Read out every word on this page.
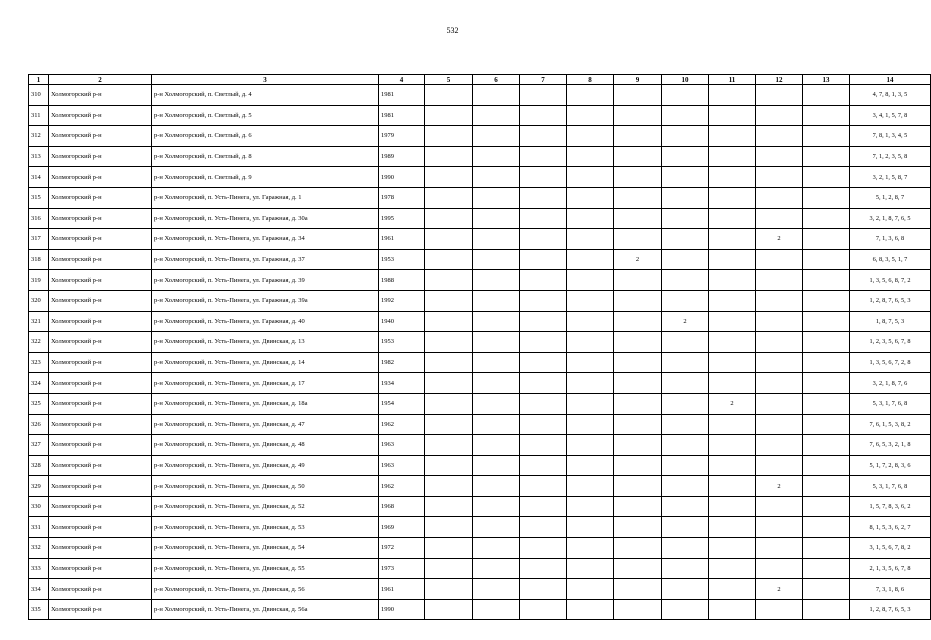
532
1	2	3	4	5	6	7	8	9	10	11	12	13	14
310	Холмогорский р-н	р-н Холмогорский, п. Светлый, д. 4	1981										4, 7, 8, 1, 3, 5
311	Холмогорский р-н	р-н Холмогорский, п. Светлый, д. 5	1981										3, 4, 1, 5, 7, 8
312	Холмогорский р-н	р-н Холмогорский, п. Светлый, д. 6	1979										7, 8, 1, 3, 4, 5
313	Холмогорский р-н	р-н Холмогорский, п. Светлый, д. 8	1989										7, 1, 2, 3, 5, 8
314	Холмогорский р-н	р-н Холмогорский, п. Светлый, д. 9	1990										3, 2, 1, 5, 8, 7
315	Холмогорский р-н	р-н Холмогорский, п. Усть-Пинега, ул. Гаражная, д. 1	1978										5, 1, 2, 8, 7
316	Холмогорский р-н	р-н Холмогорский, п. Усть-Пинега, ул. Гаражная, д. 30а	1995										3, 2, 1, 8, 7, 6, 5
317	Холмогорский р-н	р-н Холмогорский, п. Усть-Пинега, ул. Гаражная, д. 34	1961								2		7, 1, 3, 6, 8
318	Холмогорский р-н	р-н Холмогорский, п. Усть-Пинега, ул. Гаражная, д. 37	1953					2					6, 8, 3, 5, 1, 7
319	Холмогорский р-н	р-н Холмогорский, п. Усть-Пинега, ул. Гаражная, д. 39	1988										1, 3, 5, 6, 8, 7, 2
320	Холмогорский р-н	р-н Холмогорский, п. Усть-Пинега, ул. Гаражная, д. 39а	1992										1, 2, 8, 7, 6, 5, 3
321	Холмогорский р-н	р-н Холмогорский, п. Усть-Пинега, ул. Гаражная, д. 40	1940						2				1, 8, 7, 5, 3
322	Холмогорский р-н	р-н Холмогорский, п. Усть-Пинега, ул. Двинская, д. 13	1953										1, 2, 3, 5, 6, 7, 8
323	Холмогорский р-н	р-н Холмогорский, п. Усть-Пинега, ул. Двинская, д. 14	1982										1, 3, 5, 6, 7, 2, 8
324	Холмогорский р-н	р-н Холмогорский, п. Усть-Пинега, ул. Двинская, д. 17	1934										3, 2, 1, 8, 7, 6
325	Холмогорский р-н	р-н Холмогорский, п. Усть-Пинега, ул. Двинская, д. 18а	1954							2			5, 3, 1, 7, 6, 8
326	Холмогорский р-н	р-н Холмогорский, п. Усть-Пинега, ул. Двинская, д. 47	1962										7, 6, 1, 5, 3, 8, 2
327	Холмогорский р-н	р-н Холмогорский, п. Усть-Пинега, ул. Двинская, д. 48	1963										7, 6, 5, 3, 2, 1, 8
328	Холмогорский р-н	р-н Холмогорский, п. Усть-Пинега, ул. Двинская, д. 49	1963										5, 1, 7, 2, 8, 3, 6
329	Холмогорский р-н	р-н Холмогорский, п. Усть-Пинега, ул. Двинская, д. 50	1962								2		5, 3, 1, 7, 6, 8
330	Холмогорский р-н	р-н Холмогорский, п. Усть-Пинега, ул. Двинская, д. 52	1968										1, 5, 7, 8, 3, 6, 2
331	Холмогорский р-н	р-н Холмогорский, п. Усть-Пинега, ул. Двинская, д. 53	1969										8, 1, 5, 3, 6, 2, 7
332	Холмогорский р-н	р-н Холмогорский, п. Усть-Пинега, ул. Двинская, д. 54	1972										3, 1, 5, 6, 7, 8, 2
333	Холмогорский р-н	р-н Холмогорский, п. Усть-Пинега, ул. Двинская, д. 55	1973										2, 1, 3, 5, 6, 7, 8
334	Холмогорский р-н	р-н Холмогорский, п. Усть-Пинега, ул. Двинская, д. 56	1961								2		7, 3, 1, 8, 6
335	Холмогорский р-н	р-н Холмогорский, п. Усть-Пинега, ул. Двинская, д. 56а	1990										1, 2, 8, 7, 6, 5, 3
